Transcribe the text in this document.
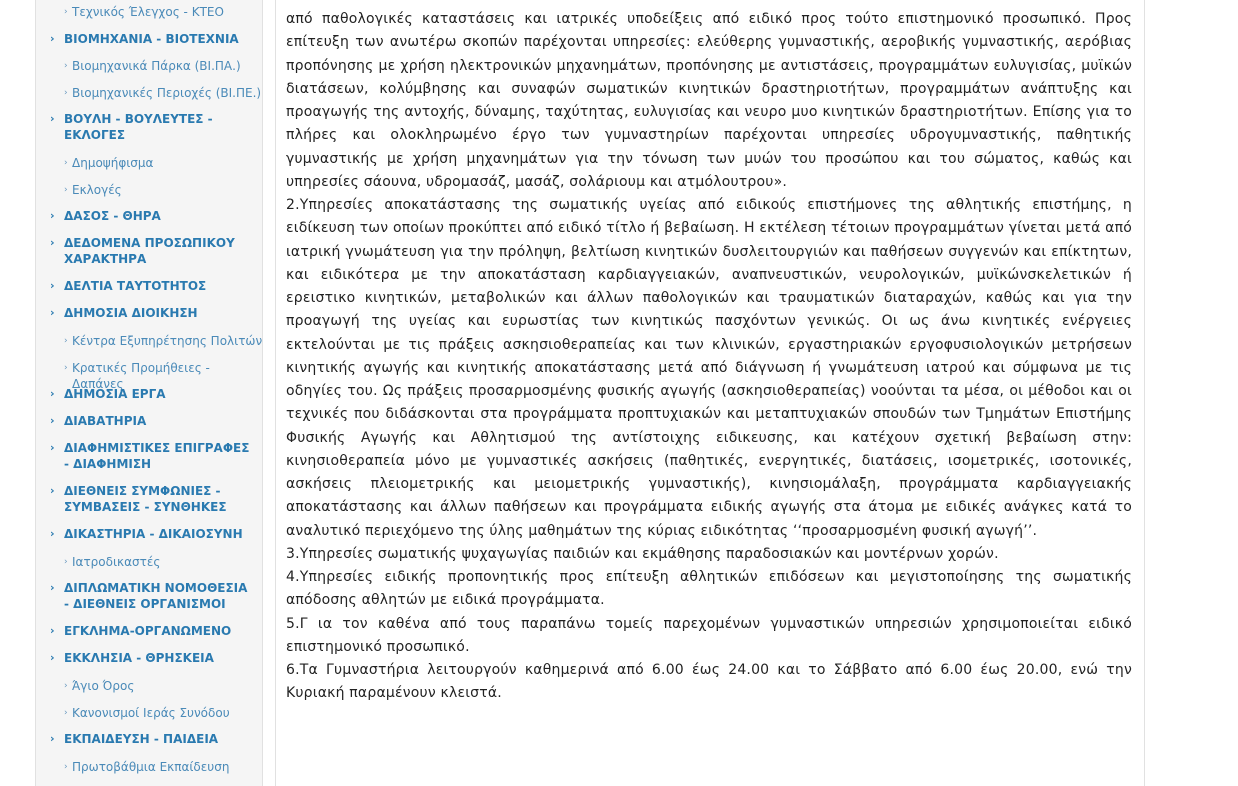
› Τεχνικός Έλεγχος - ΚΤΕΟ
› ΒΙΟΜΗΧΑΝΙΑ - ΒΙΟΤΕΧΝΙΑ
› Βιομηχανικά Πάρκα (ΒΙ.ΠΑ.)
› Βιομηχανικές Περιοχές (ΒΙ.ΠΕ.)
› ΒΟΥΛΗ - ΒΟΥΛΕΥΤΕΣ - ΕΚΛΟΓΕΣ
› Δημοψήφισμα
› Εκλογές
› ΔΑΣΟΣ - ΘΗΡΑ
› ΔΕΔΟΜΕΝΑ ΠΡΟΣΩΠΙΚΟΥ ΧΑΡΑΚΤΗΡΑ
› ΔΕΛΤΙΑ ΤΑΥΤΟΤΗΤΟΣ
› ΔΗΜΟΣΙΑ ΔΙΟΙΚΗΣΗ
› Κέντρα Εξυπηρέτησης Πολιτών
› Κρατικές Προμήθειες - Δαπάνες
› ΔΗΜΟΣΙΑ ΕΡΓΑ
› ΔΙΑΒΑΤΗΡΙΑ
› ΔΙΑΦΗΜΙΣΤΙΚΕΣ ΕΠΙΓΡΑΦΕΣ - ΔΙΑΦΗΜΙΣΗ
› ΔΙΕΘΝΕΙΣ ΣΥΜΦΩΝΙΕΣ - ΣΥΜΒΑΣΕΙΣ - ΣΥΝΘΗΚΕΣ
› ΔΙΚΑΣΤΗΡΙΑ - ΔΙΚΑΙΟΣΥΝΗ
› Ιατροδικαστές
› ΔΙΠΛΩΜΑΤΙΚΗ ΝΟΜΟΘΕΣΙΑ - ΔΙΕΘΝΕΙΣ ΟΡΓΑΝΙΣΜΟΙ
› ΕΓΚΛΗΜΑ-ΟΡΓΑΝΩΜΕΝΟ
› ΕΚΚΛΗΣΙΑ - ΘΡΗΣΚΕΙΑ
› Άγιο Όρος
› Κανονισμοί Ιεράς Συνόδου
› ΕΚΠΑΙΔΕΥΣΗ - ΠΑΙΔΕΙΑ
› Πρωτοβάθμια Εκπαίδευση

από παθολογικές καταστάσεις και ιατρικές υποδείξεις από ειδικό προς τούτο επιστημονικό προσωπικό. Προς επίτευξη των ανωτέρω σκοπών παρέχονται υπηρεσίες: ελεύθερης γυμναστικής, αεροβικής γυμναστικής, αερόβιας προπόνησης με χρήση ηλεκτρονικών μηχανημάτων, προπόνησης με αντιστάσεις, προγραμμάτων ευλυγισίας, μυϊκών διατάσεων, κολύμβησης και συναφών σωματικών κινητικών δραστηριοτήτων, προγραμμάτων ανάπτυξης και προαγωγής της αντοχής, δύναμης, ταχύτητας, ευλυγισίας και νευρο μυο κινητικών δραστηριοτήτων. Επίσης για το πλήρες και ολοκληρωμένο έργο των γυμναστηρίων παρέχονται υπηρεσίες υδρογυμναστικής, παθητικής γυμναστικής με χρήση μηχανημάτων για την τόνωση των μυών του προσώπου και του σώματος, καθώς και υπηρεσίες σάουνα, υδρομασάζ, μασάζ, σολάριουμ και ατμόλουτρου».

2.Υπηρεσίες αποκατάστασης της σωματικής υγείας από ειδικούς επιστήμονες της αθλητικής επιστήμης, η ειδίκευση των οποίων προκύπτει από ειδικό τίτλο ή βεβαίωση. Η εκτέλεση τέτοιων προγραμμάτων γίνεται μετά από ιατρική γνωμάτευση για την πρόληψη, βελτίωση κινητικών δυσλειτουργιών και παθήσεων συγγενών και επίκτητων, και ειδικότερα με την αποκατάσταση καρδιαγγειακών, αναπνευστικών, νευρολογικών, μυϊκώνσκελετικών ή ερειστικο κινητικών, μεταβολικών και άλλων παθολογικών και τραυματικών διαταραχών, καθώς και για την προαγωγή της υγείας και ευρωστίας των κινητικώς πασχόντων γενικώς. Οι ως άνω κινητικές ενέργειες εκτελούνται με τις πράξεις ασκησιοθεραπείας και των κλινικών, εργαστηριακών εργοφυσιολογικών μετρήσεων κινητικής αγωγής και κινητικής αποκατάστασης μετά από διάγνωση ή γνωμάτευση ιατρού και σύμφωνα με τις οδηγίες του. Ως πράξεις προσαρμοσμένης φυσικής αγωγής (ασκησιοθεραπείας) νοούνται τα μέσα, οι μέθοδοι και οι τεχνικές που διδάσκονται στα προγράμματα προπτυχιακών και μεταπτυχιακών σπουδών των Τμημάτων Επιστήμης Φυσικής Αγωγής και Αθλητισμού της αντίστοιχης ειδικευσης, και κατέχουν σχετική βεβαίωση στην: κινησιοθεραπεία μόνο με γυμναστικές ασκήσεις (παθητικές, ενεργητικές, διατάσεις, ισομετρικές, ισοτονικές, ασκήσεις πλειομετρικής και μειομετρικής γυμναστικής), κινησιομάλαξη, προγράμματα καρδιαγγειακής αποκατάστασης και άλλων παθήσεων και προγράμματα ειδικής αγωγής στα άτομα με ειδικές ανάγκες κατά το αναλυτικό περιεχόμενο της ύλης μαθημάτων της κύριας ειδικότητας ‘‘προσαρμοσμένη φυσική αγωγή’’.

3.Υπηρεσίες σωματικής ψυχαγωγίας παιδιών και εκμάθησης παραδοσιακών και μοντέρνων χορών.

4.Υπηρεσίες ειδικής προπονητικής προς επίτευξη αθλητικών επιδόσεων και μεγιστοποίησης της σωματικής απόδοσης αθλητών με ειδικά προγράμματα.

5.Γ ια τον καθένα από τους παραπάνω τομείς παρεχομένων γυμναστικών υπηρεσιών χρησιμοποιείται ειδικό επιστημονικό προσωπικό.

6.Τα Γυμναστήρια λειτουργούν καθημερινά από 6.00 έως 24.00 και το Σάββατο από 6.00 έως 20.00, ενώ την Κυριακή παραμένουν κλειστά.
